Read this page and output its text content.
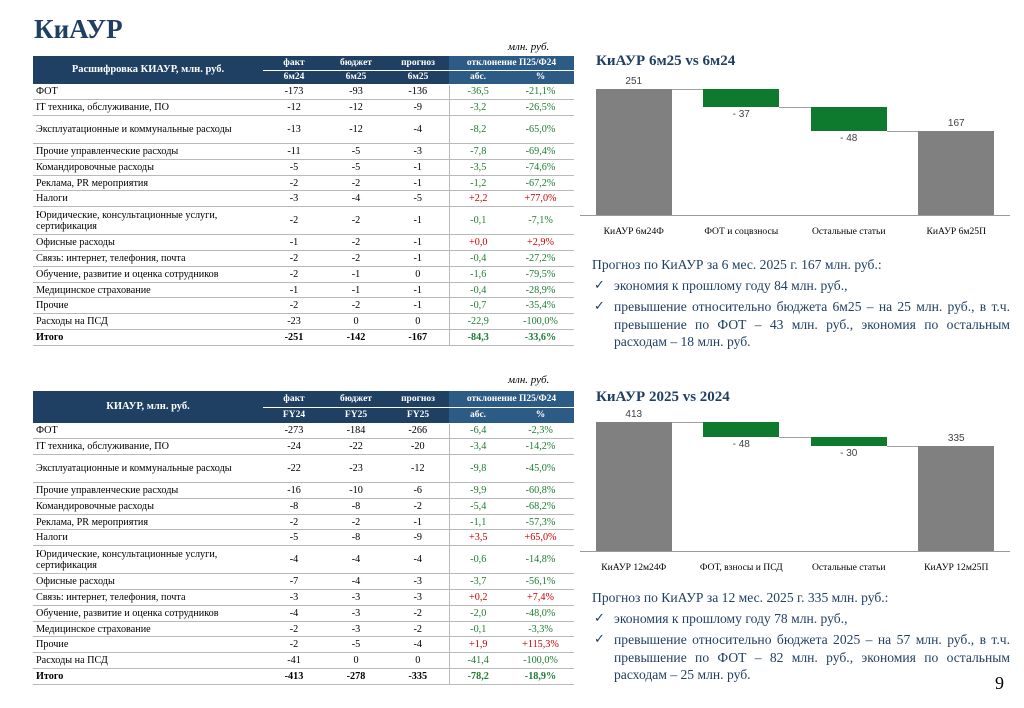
КиАУР
млн. руб.
Расшифровка КИАУР, млн. руб.	факт	бюджет	прогноз	отклонение П25/Ф24	
	6м24	6м25	6м25	абс.	%
ФОТ	-173	-93	-136	-36,5	-21,1%
IT техника, обслуживание, ПО	-12	-12	-9	-3,2	-26,5%
Эксплуатационные и коммунальные расходы	-13	-12	-4	-8,2	-65,0%
Прочие управленческие расходы	-11	-5	-3	-7,8	-69,4%
Командировочные расходы	-5	-5	-1	-3,5	-74,6%
Реклама, PR мероприятия	-2	-2	-1	-1,2	-67,2%
Налоги	-3	-4	-5	+2,2	+77,0%
Юридические, консультационные услуги, сертификация	-2	-2	-1	-0,1	-7,1%
Офисные расходы	-1	-2	-1	+0,0	+2,9%
Связь: интернет, телефония, почта	-2	-2	-1	-0,4	-27,2%
Обучение, развитие и оценка сотрудников	-2	-1	0	-1,6	-79,5%
Медицинское страхование	-1	-1	-1	-0,4	-28,9%
Прочие	-2	-2	-1	-0,7	-35,4%
Расходы на ПСД	-23	0	0	-22,9	-100,0%
Итого	-251	-142	-167	-84,3	-33,6%
млн. руб.
КИАУР, млн. руб.	факт	бюджет	прогноз	отклонение П25/Ф24	
	FY24	FY25	FY25	абс.	%
ФОТ	-273	-184	-266	-6,4	-2,3%
IT техника, обслуживание, ПО	-24	-22	-20	-3,4	-14,2%
Эксплуатационные и коммунальные расходы	-22	-23	-12	-9,8	-45,0%
Прочие управленческие расходы	-16	-10	-6	-9,9	-60,8%
Командировочные расходы	-8	-8	-2	-5,4	-68,2%
Реклама, PR мероприятия	-2	-2	-1	-1,1	-57,3%
Налоги	-5	-8	-9	+3,5	+65,0%
Юридические, консультационные услуги, сертификация	-4	-4	-4	-0,6	-14,8%
Офисные расходы	-7	-4	-3	-3,7	-56,1%
Связь: интернет, телефония, почта	-3	-3	-3	+0,2	+7,4%
Обучение, развитие и оценка сотрудников	-4	-3	-2	-2,0	-48,0%
Медицинское страхование	-2	-3	-2	-0,1	-3,3%
Прочие	-2	-5	-4	+1,9	+115,3%
Расходы на ПСД	-41	0	0	-41,4	-100,0%
Итого	-413	-278	-335	-78,2	-18,9%
КиАУР 6м25 vs 6м24
251
- 37
- 48
167
КиАУР 6м24Ф	ФОТ и соцвзносы	Остальные статьи	КиАУР 6м25П
КиАУР 2025 vs 2024
413
- 48
- 30
335
КиАУР 12м24Ф	ФОТ, взносы и ПСД	Остальные статьи	КиАУР 12м25П
Прогноз по КиАУР за 6 мес. 2025 г. 167 млн. руб.:
✓ экономия к прошлому году 84 млн. руб.,
✓ превышение относительно бюджета 6м25 – на 25 млн. руб., в т.ч. превышение по ФОТ – 43 млн. руб., экономия по остальным расходам – 18 млн. руб.
Прогноз по КиАУР за 12 мес. 2025 г. 335 млн. руб.:
✓ экономия к прошлому году 78 млн. руб.,
✓ превышение относительно бюджета 2025 – на 57 млн. руб., в т.ч. превышение по ФОТ – 82 млн. руб., экономия по остальным расходам – 25 млн. руб.	9
